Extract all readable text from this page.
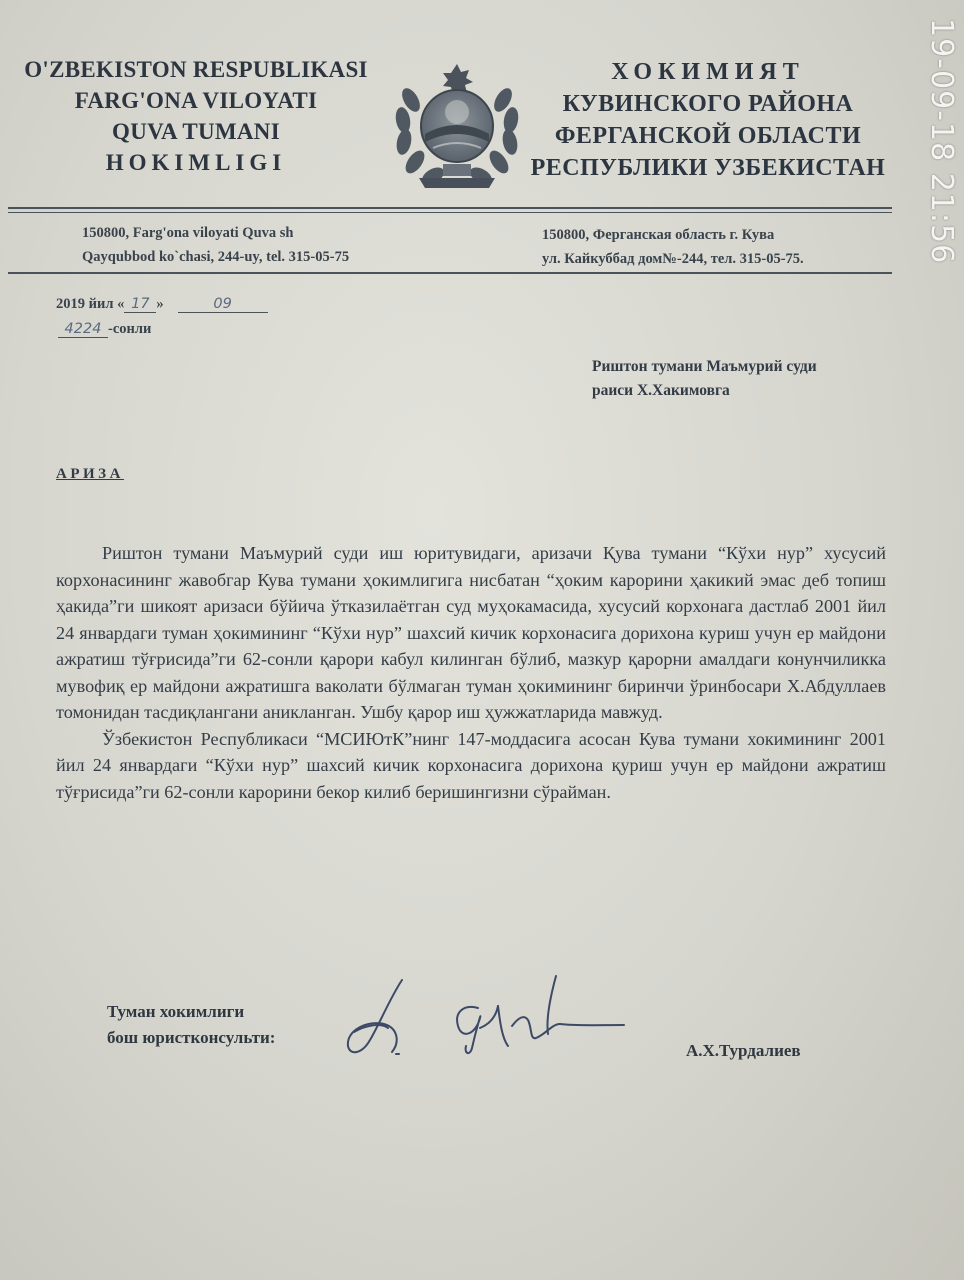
O'ZBEKISTON RESPUBLIKASI
FARG'ONA VILOYATI
QUVA TUMANI
HOKIMLIGI
ХОКИМИЯТ
КУВИНСКОГО РАЙОНА
ФЕРГАНСКОЙ ОБЛАСТИ
РЕСПУБЛИКИ УЗБЕКИСТАН
150800, Farg'ona viloyati Quva sh
Qayqubbod ko`chasi, 244-uy, tel. 315-05-75
150800, Ферганская область г. Кува
ул. Кайкуббад дом№-244, тел. 315-05-75.
2019 йил « 17 »	09
4224 -сонли
Риштон тумани Маъмурий суди
раиси Х.Хакимовга
АРИЗА

Риштон тумани Маъмурий суди иш юритувидаги, аризачи Қува тумани “Кўхи нур” хусусий корхонасининг жавобгар Кува тумани ҳокимлигига нисбатан “ҳоким карорини ҳакикий эмас деб топиш ҳакида”ги шикоят аризаси бўйича ўтказилаётган суд муҳокамасида, хусусий корхонага дастлаб 2001 йил 24 январдаги туман ҳокимининг “Кўхи нур” шахсий кичик корхонасига дорихона куриш учун ер майдони ажратиш тўғрисида”ги 62-сонли қарори кабул килинган бўлиб, мазкур қарорни амалдаги конунчиликка мувофиқ ер майдони ажратишга ваколати бўлмаган туман ҳокимининг биринчи ўринбосари Х.Абдуллаев томонидан тасдиқлангани аникланган. Ушбу қарор иш ҳужжатларида мавжуд.

Ўзбекистон Республикаси “МСИЮтК”нинг 147-моддасига асосан Кува тумани хокимининг 2001 йил 24 январдаги “Кўхи нур” шахсий кичик корхонасига дорихона қуриш учун ер майдони ажратиш тўғрисида”ги 62-сонли карорини бекор килиб беришингизни сўрайман.

Туман хокимлиги
бош юристконсульти:
А.Х.Турдалиев
19-09-18 21:56
